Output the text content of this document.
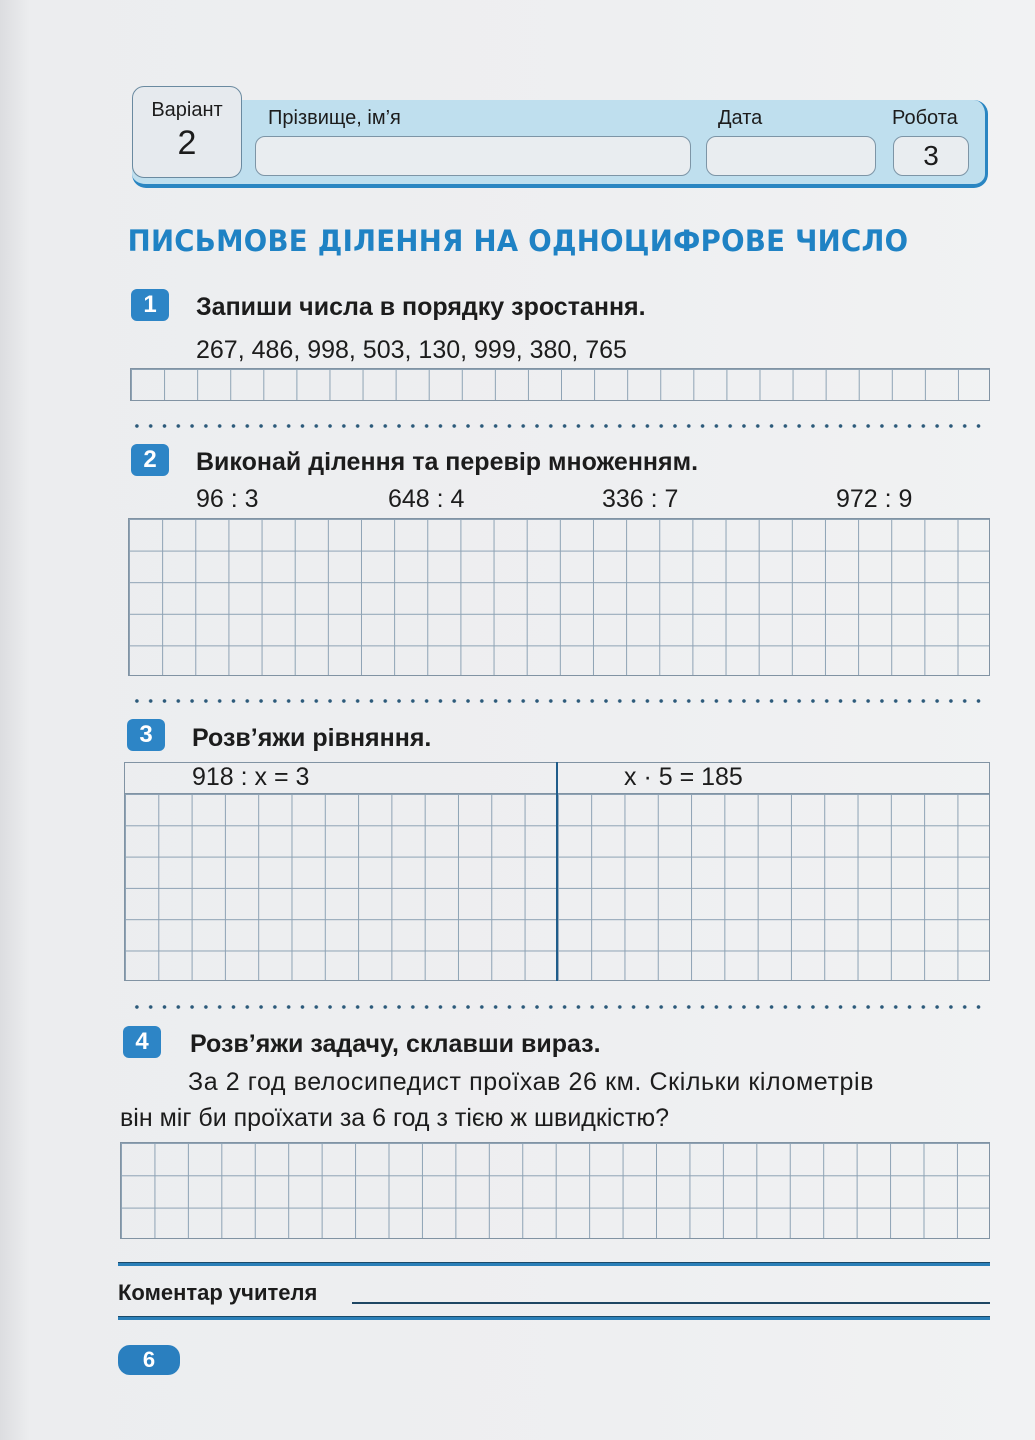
Варіант
2
Прізвище, ім’я	Дата	Робота
3
ПИСЬМОВЕ ДІЛЕННЯ НА ОДНОЦИФРОВЕ ЧИСЛО
1	Запиши числа в порядку зростання.
267, 486, 998, 503, 130, 999, 380, 765
2	Виконай ділення та перевір множенням.
96 : 3	648 : 4	336 : 7	972 : 9
3	Розв’яжи рівняння.
918 : x = 3	x · 5 = 185
4	Розв’яжи задачу, склавши вираз.
За 2 год велосипедист проїхав 26 км. Скільки кілометрів
він міг би проїхати за 6 год з тією ж швидкістю?
Коментар учителя
6
